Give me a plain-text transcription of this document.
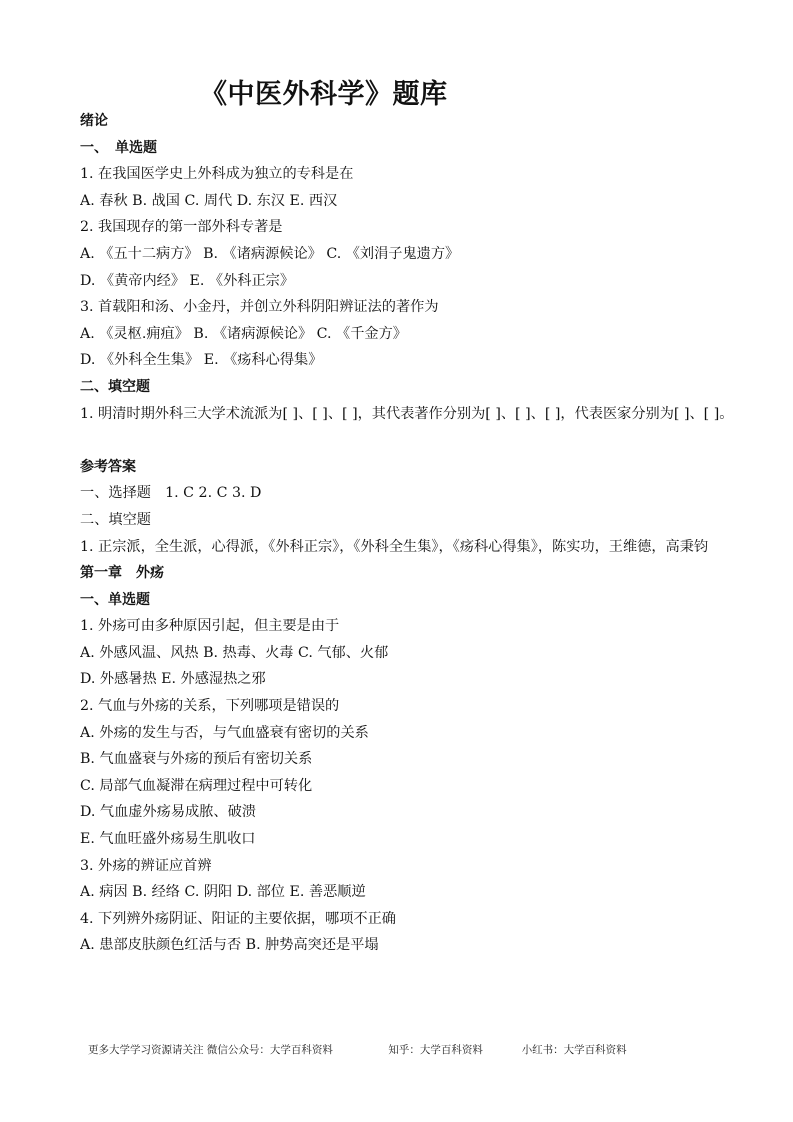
《中医外科学》题库
绪论
一、　单选题
1. 在我国医学史上外科成为独立的专科是在
A. 春秋 B. 战国 C. 周代 D. 东汉 E. 西汉
2. 我国现存的第一部外科专著是
A. 《五十二病方》 B. 《诸病源候论》 C. 《刘涓子鬼遗方》
D. 《黄帝内经》 E. 《外科正宗》
3. 首载阳和汤、小金丹，并创立外科阴阳辨证法的著作为
A. 《灵枢.痈疽》 B. 《诸病源候论》 C. 《千金方》
D. 《外科全生集》 E. 《疡科心得集》
二、填空题
1. 明清时期外科三大学术流派为[ ]、[ ]、[ ]，其代表著作分别为[ ]、[ ]、[ ]，代表医家分别为[ ]、[ ]。
参考答案
一、选择题　1. C 2. C 3. D
二、填空题
1. 正宗派，全生派，心得派，《外科正宗》，《外科全生集》，《疡科心得集》，陈实功，王维德，高秉钧
第一章　外疡
一、单选题
1. 外疡可由多种原因引起，但主要是由于
A. 外感风温、风热 B. 热毒、火毒 C. 气郁、火郁
D. 外感暑热 E. 外感湿热之邪
2. 气血与外疡的关系，下列哪项是错误的
A. 外疡的发生与否，与气血盛衰有密切的关系
B. 气血盛衰与外疡的预后有密切关系
C. 局部气血凝滞在病理过程中可转化
D. 气血虚外疡易成脓、破溃
E. 气血旺盛外疡易生肌收口
3. 外疡的辨证应首辨
A. 病因 B. 经络 C. 阴阳 D. 部位 E. 善恶顺逆
4. 下列辨外疡阴证、阳证的主要依据，哪项不正确
A. 患部皮肤颜色红活与否 B. 肿势高突还是平塌
更多大学学习资源请关注 微信公众号：大学百科资料	知乎：大学百科资料	小红书：大学百科资料
